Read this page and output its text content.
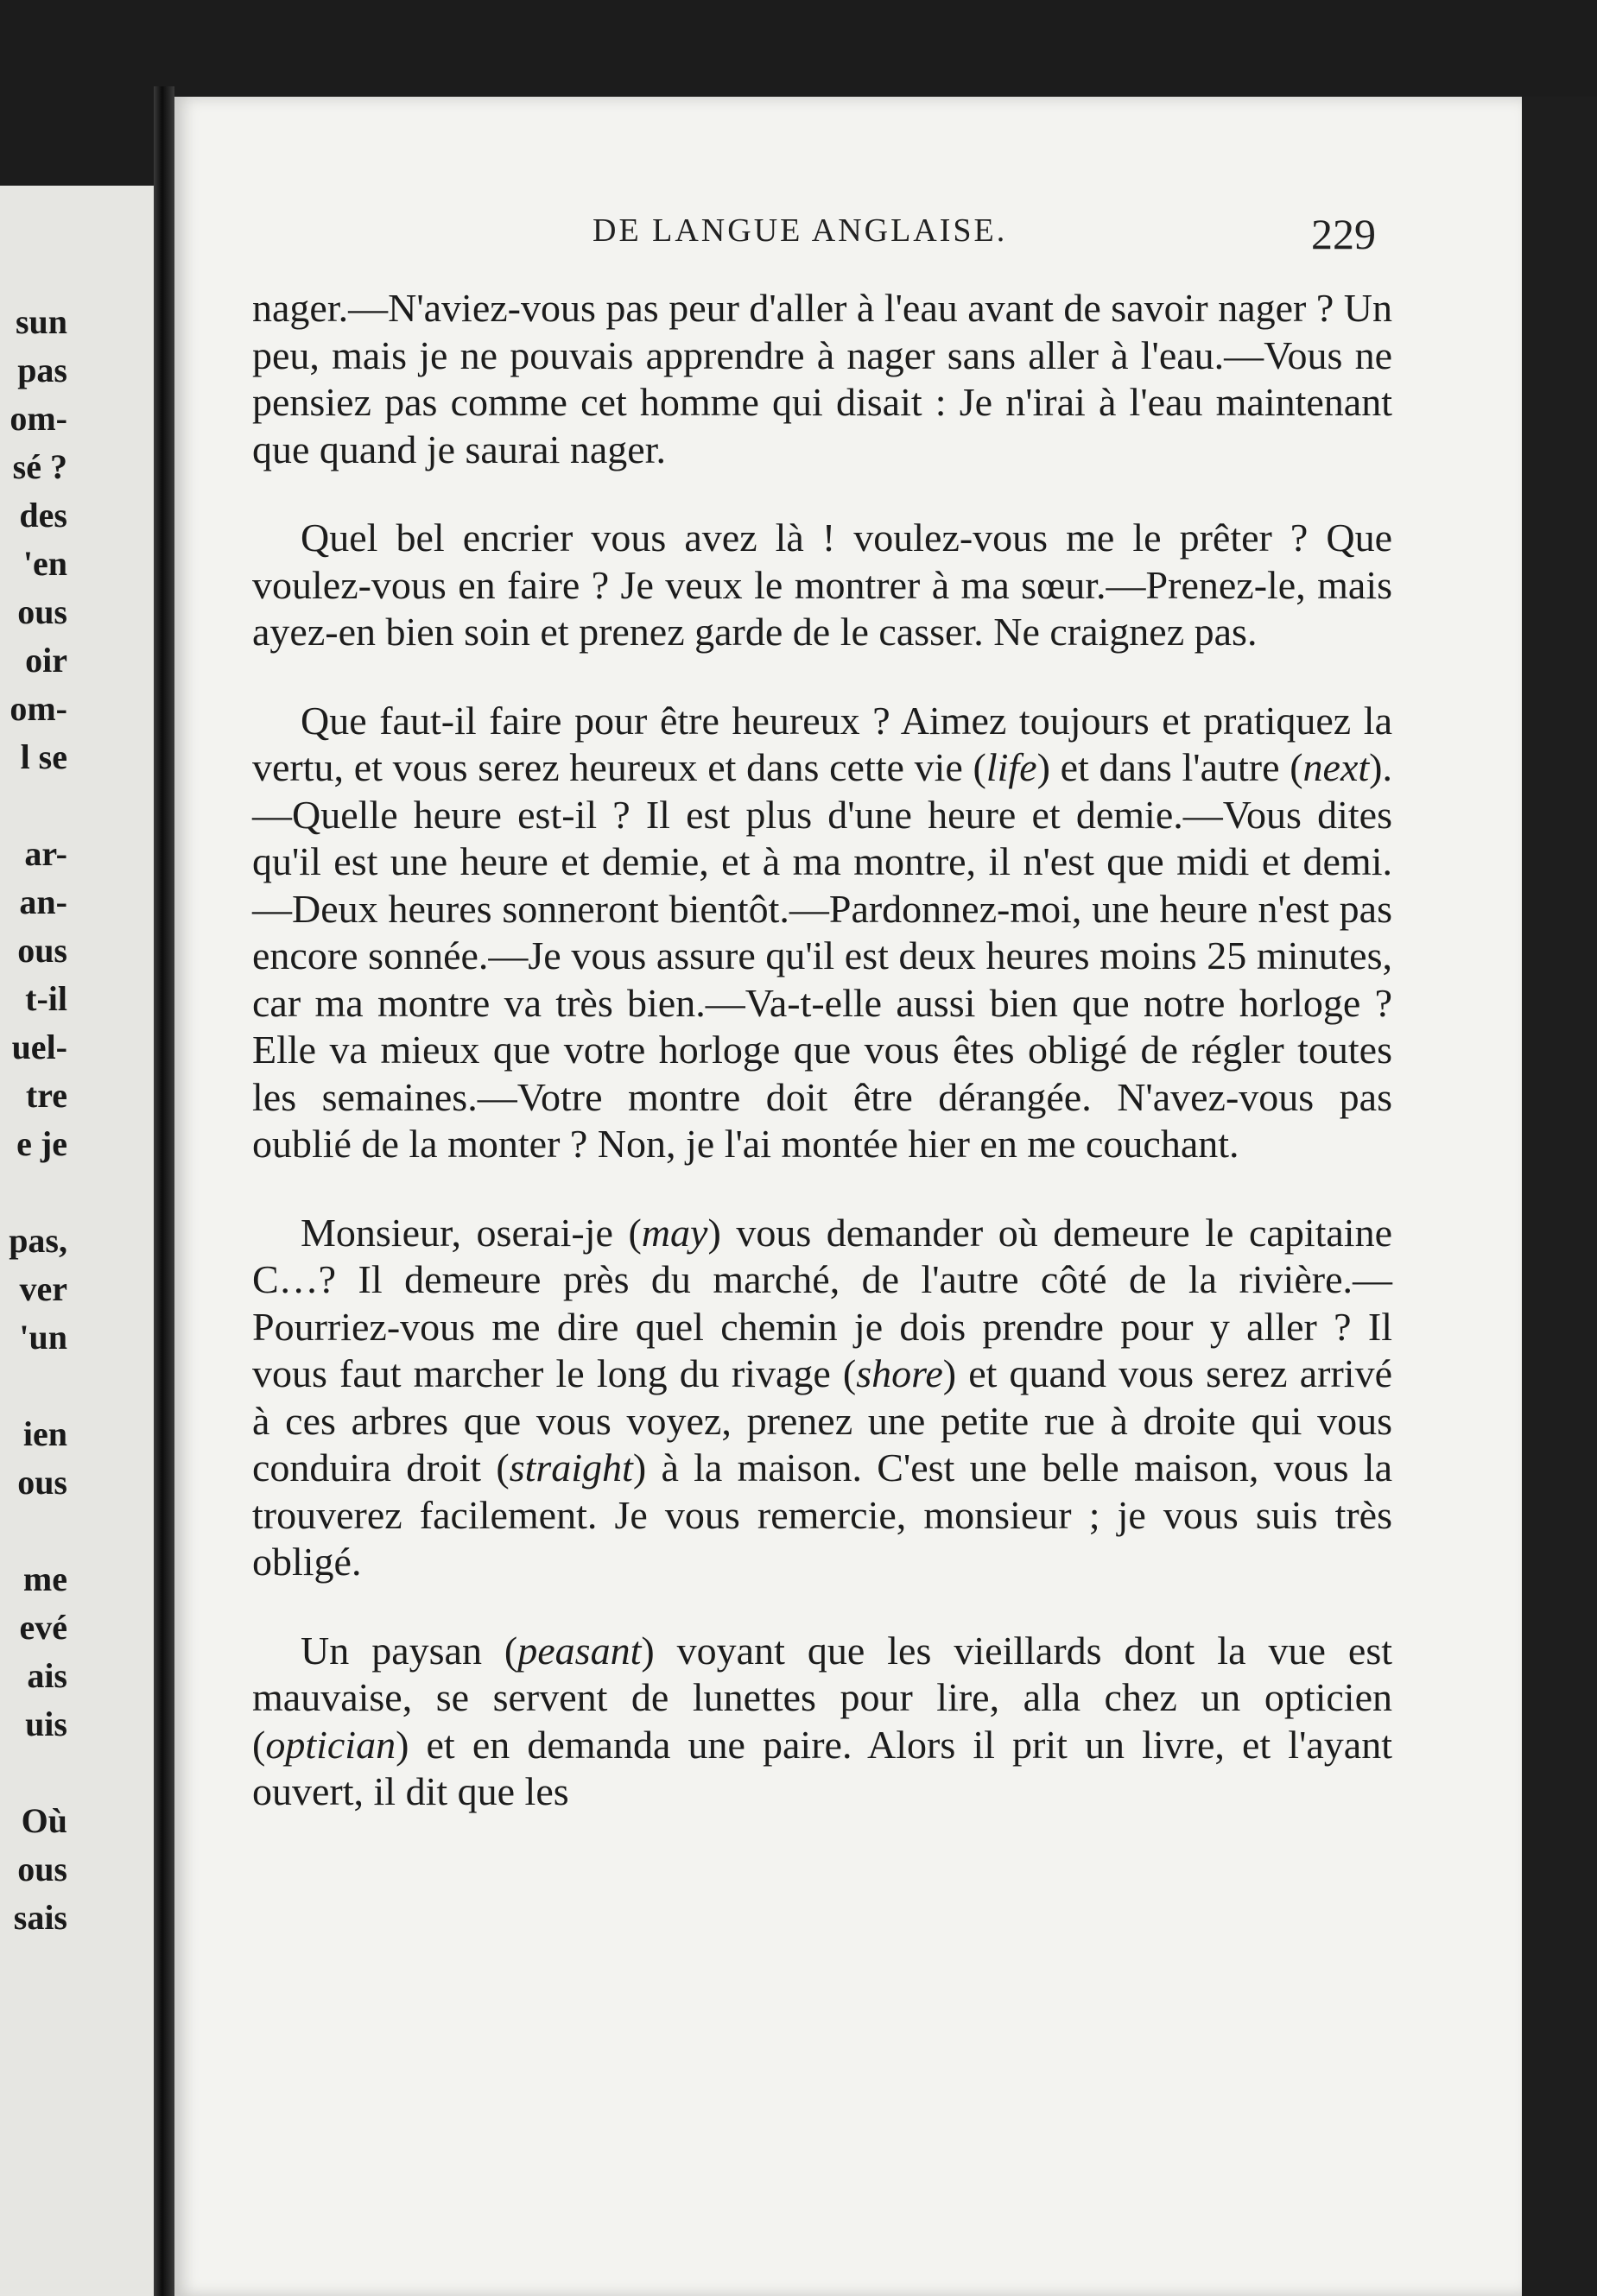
sun
pas
om-
sé ?
des
'en
ous
oir
om-
l se
ar-
an-
ous
t-il
uel-
tre
e je
pas,
ver
'un
ien
ous
me
evé
ais
uis
Où
ous
sais
DE LANGUE ANGLAISE.	229

nager.—N'aviez-vous pas peur d'aller à l'eau avant de savoir nager ? Un peu, mais je ne pouvais apprendre à nager sans aller à l'eau.—Vous ne pensiez pas comme cet homme qui disait : Je n'irai à l'eau maintenant que quand je saurai nager.

Quel bel encrier vous avez là ! voulez-vous me le prêter ? Que voulez-vous en faire ? Je veux le montrer à ma sœur.—Prenez-le, mais ayez-en bien soin et prenez garde de le casser. Ne craignez pas.

Que faut-il faire pour être heureux ? Aimez toujours et pratiquez la vertu, et vous serez heureux et dans cette vie (life) et dans l'autre (next).—Quelle heure est-il ? Il est plus d'une heure et demie.—Vous dites qu'il est une heure et demie, et à ma montre, il n'est que midi et demi.—Deux heures sonneront bientôt.—Pardonnez-moi, une heure n'est pas encore sonnée.—Je vous assure qu'il est deux heures moins 25 minutes, car ma montre va très bien.—Va-t-elle aussi bien que notre horloge ? Elle va mieux que votre horloge que vous êtes obligé de régler toutes les semaines.—Votre montre doit être dérangée. N'avez-vous pas oublié de la monter ? Non, je l'ai montée hier en me couchant.

Monsieur, oserai-je (may) vous demander où demeure le capitaine C…? Il demeure près du marché, de l'autre côté de la rivière.—Pourriez-vous me dire quel chemin je dois prendre pour y aller ? Il vous faut marcher le long du rivage (shore) et quand vous serez arrivé à ces arbres que vous voyez, prenez une petite rue à droite qui vous conduira droit (straight) à la maison. C'est une belle maison, vous la trouverez facilement. Je vous remercie, monsieur ; je vous suis très obligé.

Un paysan (peasant) voyant que les vieillards dont la vue est mauvaise, se servent de lunettes pour lire, alla chez un opticien (optician) et en demanda une paire. Alors il prit un livre, et l'ayant ouvert, il dit que les
